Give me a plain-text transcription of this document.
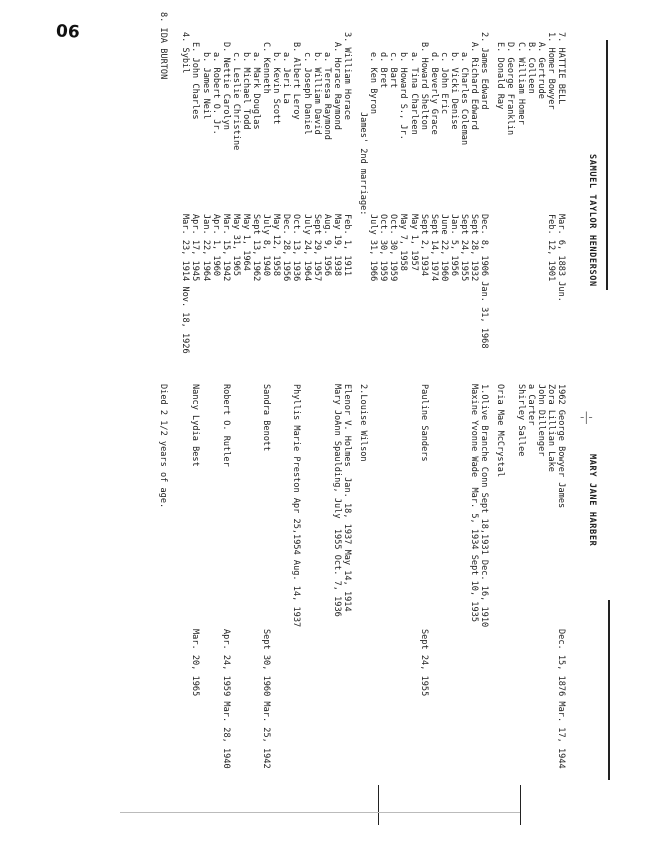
06
-|-
SAMUEL TAYLOR HENDERSON
MARY JANE HARBER
7. HATTIE BELL
Mar. 6, 1883 Jun.
1962 George Bowyer James
Dec. 15, 1876 Mar. 17, 1944
1. Homer Bowyer
Feb. 12, 1901
Zora Lillian Lake
A. Gertrude
John Dillenger
B. Colleen
a Carter
C. William Homer
Shirley Sallee
D. George Franklin
E. Donald Ray
Oria Mae McCrystal
2. James Edward
Dec. 8, 1906 Jan. 31, 1968
1.Olive Branche Conn Sept 18,1931 Dec. 16, 1910
A. Richard Edward
Sept 28, 1932
Maxine Yvonne Wade  Mar. 5, 1934 Sept 10, 1935
a. Charles Coleman
Sept 24, 1955
b. Vicki Denise
Jan. 5, 1956
c. John Eric
June 22, 1960
d. Beverly Grace
Sept 14, 1974
B. Howard Shelton
Sept 2, 1934
Pauline Sanders
Sept 24, 1955
a. Tina Charleen
May 1, 1957
b. Howard S., Jr.
May 7, 1958
c. Bart
Oct. 30, 1959
d. Bret
Oct. 30, 1959
e. Ken Byron
July 31, 1966
James' 2nd marriage:
2.Louise Wilson
3. William Horace
Feb. 1, 1911
Elenor V. Holmes  Jan. 18, 1937 May 14, 1914
A. Horace Raymond
May 19, 1938
Mary JoAnn Spaulding, July  1955 Oct. 7, 1936
a. Teresa Raymond
Aug. 9, 1956
b. William David
Sept 29, 1957
c. Joseph Daniel
July 24, 1964
B. Albert Leroy
Oct. 13, 1936
Phyllis Marie Preston Apr 25,1954 Aug. 14, 1937
a. Jeri La
Dec. 28, 1956
b. Kevin Scott
May 12, 1958
C. Kenneth
July 8, 1940
Sandra Benott
Sept 30, 1960 Mar. 25, 1942
a. Mark Douglas
Sept 13, 1962
b. Michael Todd
May 1, 1964
c. Leslie Christine
May 31, 1965
D. Nettie Carolyn
Mar. 15, 1942
Robert O. Rutler
Apr. 24, 1959 Mar. 28, 1940
a. Robert O. Jr.
Apr. 1, 1960
b. James Neil
Jan. 22, 1964
E. John Charles
Apr. 17, 1945
Nancy Lydia Best
Mar. 20, 1965
4. Sybil
Mar. 23, 1914 Nov. 18, 1926
8. IDA BURTON
Died 2 1/2 years of age.
